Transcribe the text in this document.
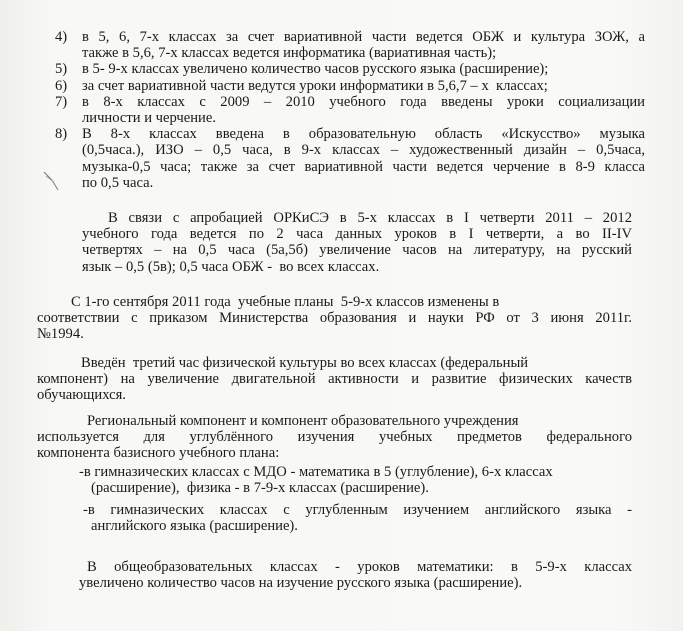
4)	в 5, 6, 7-х классах за счет вариативной части ведется ОБЖ и культура ЗОЖ, а
также в 5,6, 7-х классах ведется информатика (вариативная часть);
5)	в 5- 9-х классах увеличено количество часов русского языка (расширение);
6)	за счет вариативной части ведутся уроки информатики в 5,6,7 – х  классах;
7)	в 8-х классах с 2009 – 2010 учебного года введены уроки социализации
личности и черчение.
8)	В 8-х классах введена в образовательную область «Искусство» музыка
(0,5часа.), ИЗО – 0,5 часа, в 9-х классах – художественный дизайн – 0,5часа,
музыка-0,5 часа; также за счет вариативной части ведется черчение в 8-9 класса
по 0,5 часа.
В связи с апробацией ОРКиСЭ в 5-х классах в I четверти 2011 – 2012
учебного года ведется по 2 часа данных уроков в I четверти, а во II-IV
четвертях – на 0,5 часа (5а,5б) увеличение часов на литературу, на русский
язык – 0,5 (5в); 0,5 часа ОБЖ -  во всех классах.
С 1-го сентября 2011 года  учебные планы  5-9-х классов изменены в
соответствии с приказом Министерства образования и науки РФ от 3 июня 2011г.
№1994.
Введён  третий час физической культуры во всех классах (федеральный
компонент) на увеличение двигательной активности и развитие физических качеств
обучающихся.
Региональный компонент и компонент образовательного учреждения
используется для углублённого изучения учебных предметов федерального
компонента базисного учебного плана:
-в гимназических классах с МДО - математика в 5 (углубление), 6-х классах
(расширение),  физика - в 7-9-х классах (расширение).
-в гимназических классах с углубленным изучением английского языка -
английского языка (расширение).
В общеобразовательных классах - уроков математики: в 5-9-х классах
увеличено количество часов на изучение русского языка (расширение).
